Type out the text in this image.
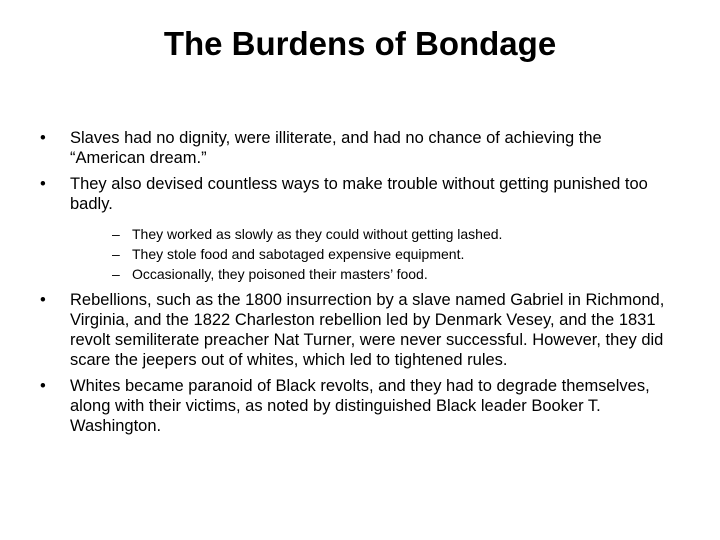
The Burdens of Bondage
•	Slaves had no dignity, were illiterate, and had no chance of achieving the “American dream.”
•	They also devised countless ways to make trouble without getting punished too badly.
– They worked as slowly as they could without getting lashed.
– They stole food and sabotaged expensive equipment.
– Occasionally, they poisoned their masters’ food.
•	Rebellions, such as the 1800 insurrection by a slave named Gabriel in Richmond, Virginia, and the 1822 Charleston rebellion led by Denmark Vesey, and the 1831 revolt semiliterate preacher Nat Turner, were never successful. However, they did scare the jeepers out of whites, which led to tightened rules.
•	Whites became paranoid of Black revolts, and they had to degrade themselves, along with their victims, as noted by distinguished Black leader Booker T. Washington.
